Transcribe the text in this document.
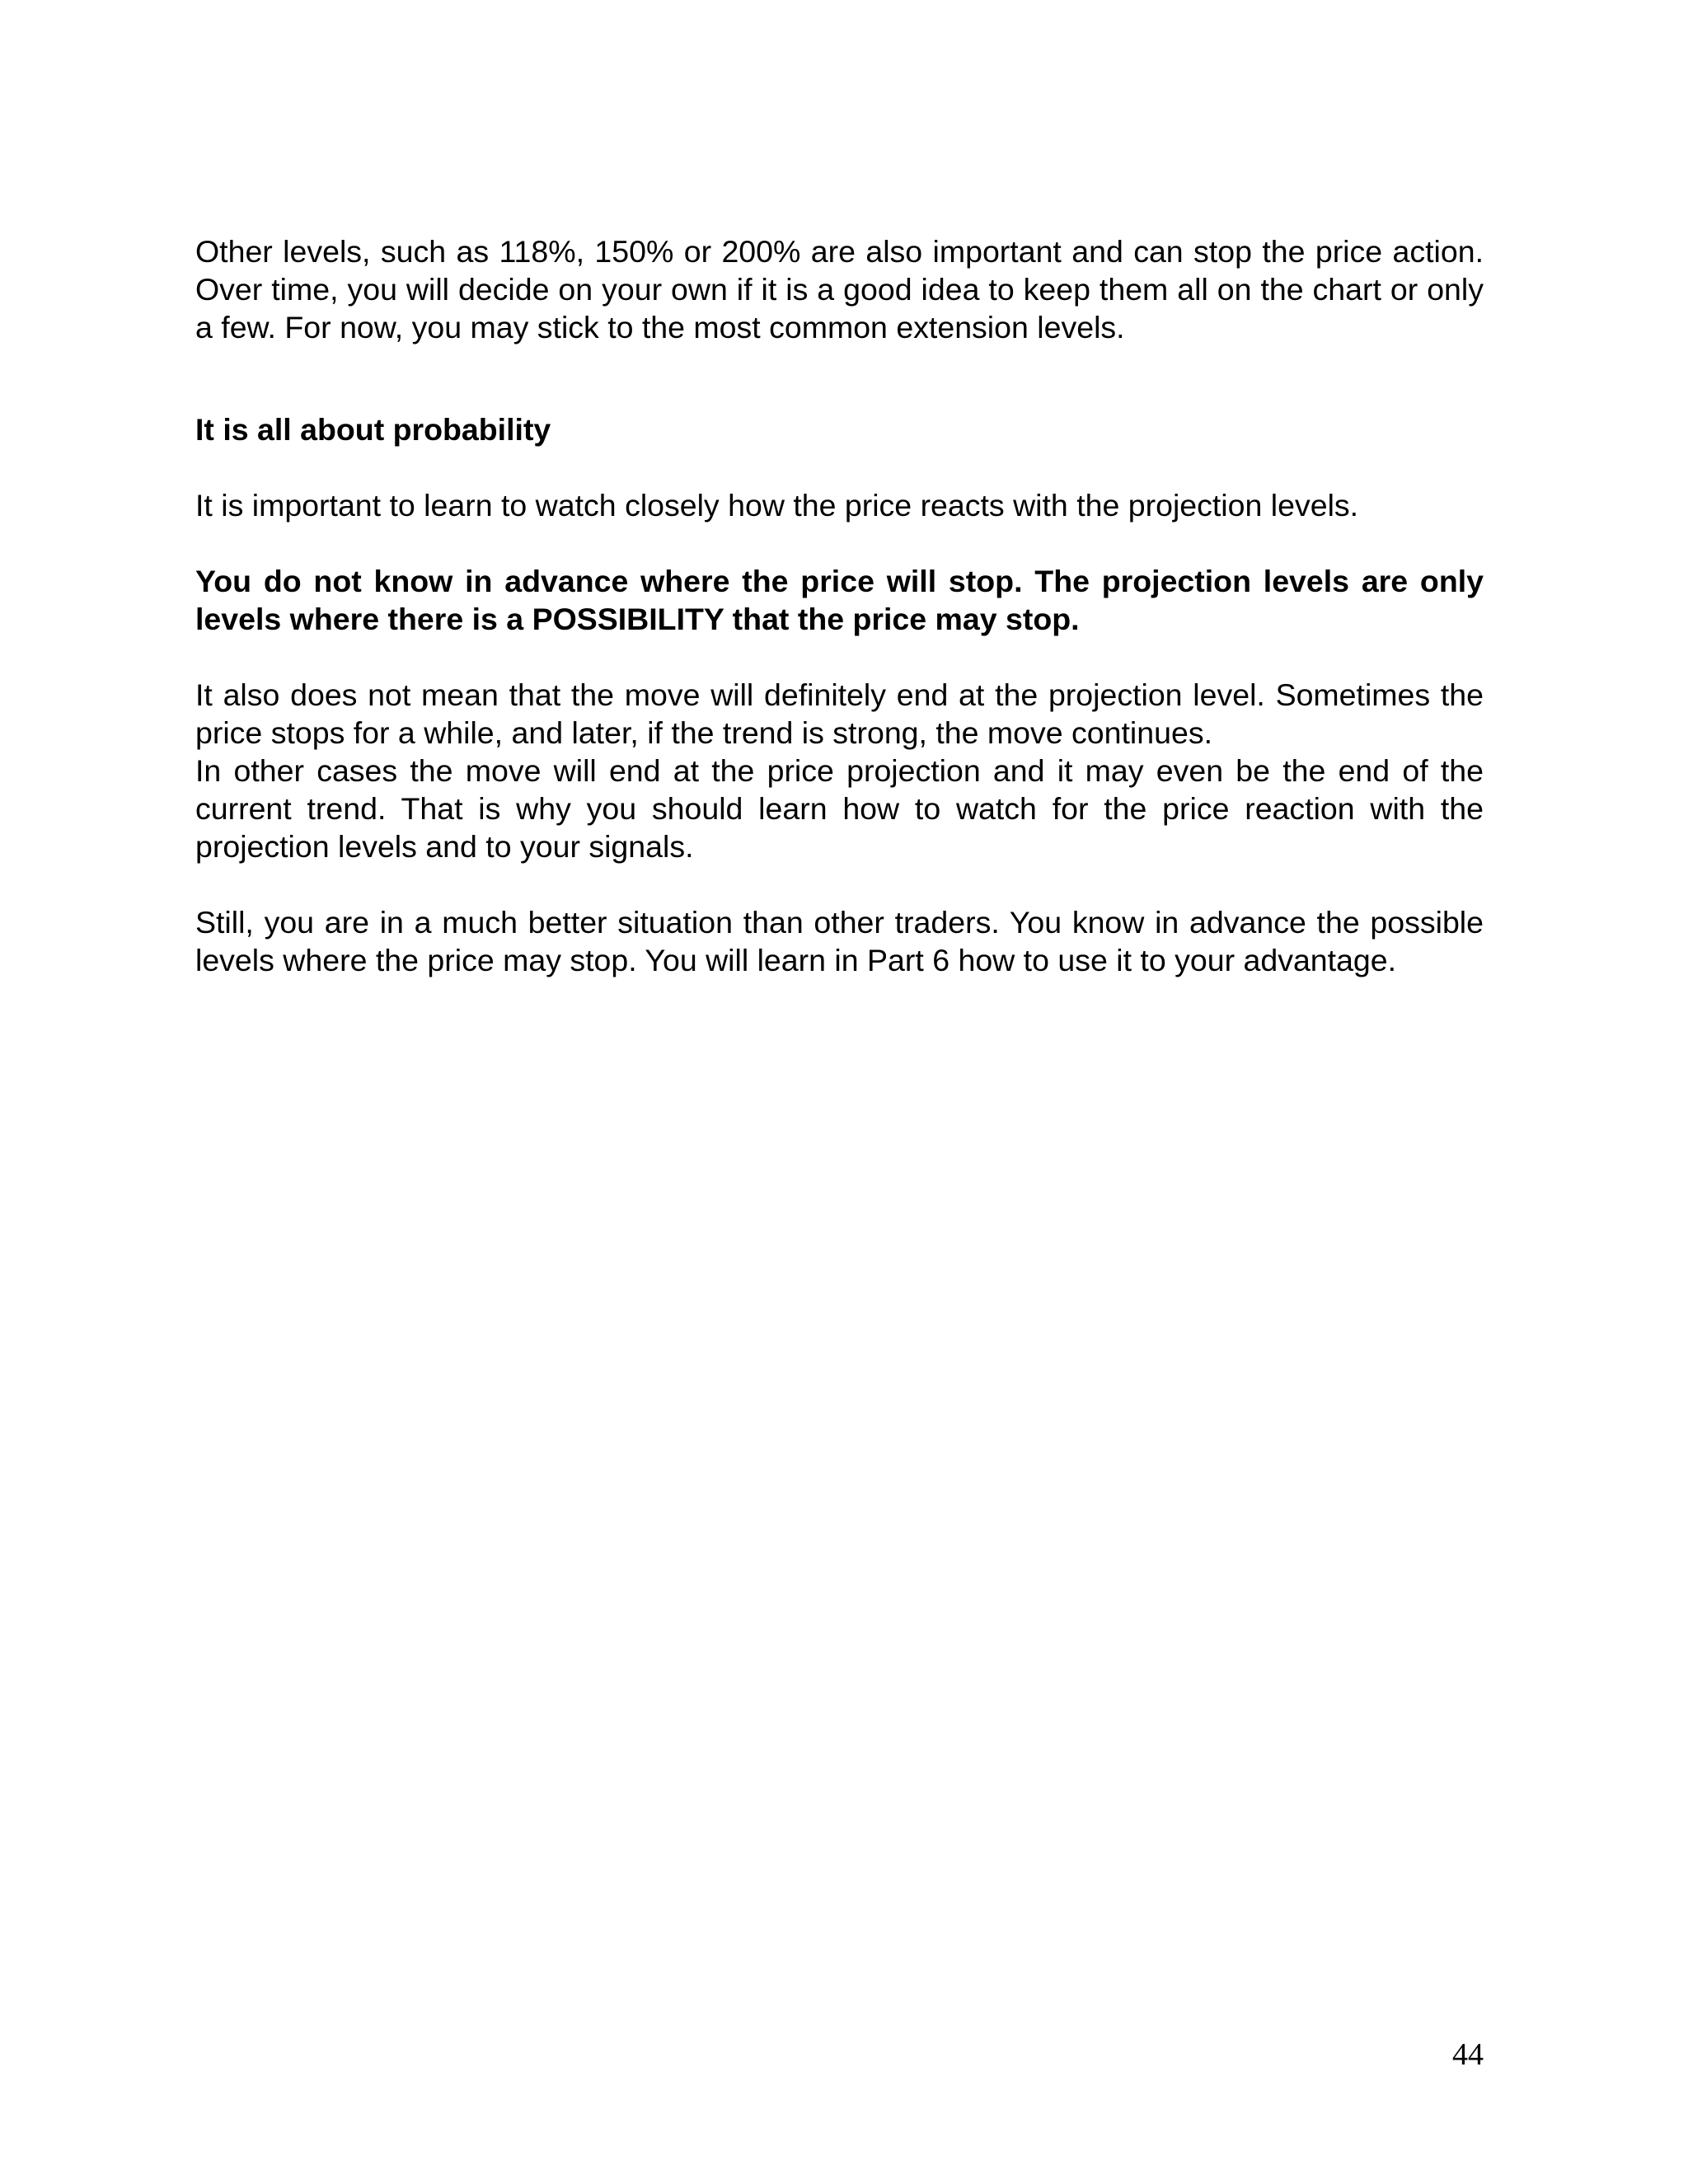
Other levels, such as 118%, 150% or 200% are also important and can stop the price action. Over time, you will decide on your own if it is a good idea to keep them all on the chart or only a few. For now, you may stick to the most common extension levels.

It is all about probability

It is important to learn to watch closely how the price reacts with the projection levels.

You do not know in advance where the price will stop. The projection levels are only levels where there is a POSSIBILITY that the price may stop.

It also does not mean that the move will definitely end at the projection level. Sometimes the price stops for a while, and later, if the trend is strong, the move continues.

In other cases the move will end at the price projection and it may even be the end of the current trend. That is why you should learn how to watch for the price reaction with the projection levels and to your signals.

Still, you are in a much better situation than other traders. You know in advance the possible levels where the price may stop. You will learn in Part 6 how to use it to your advantage.

44
